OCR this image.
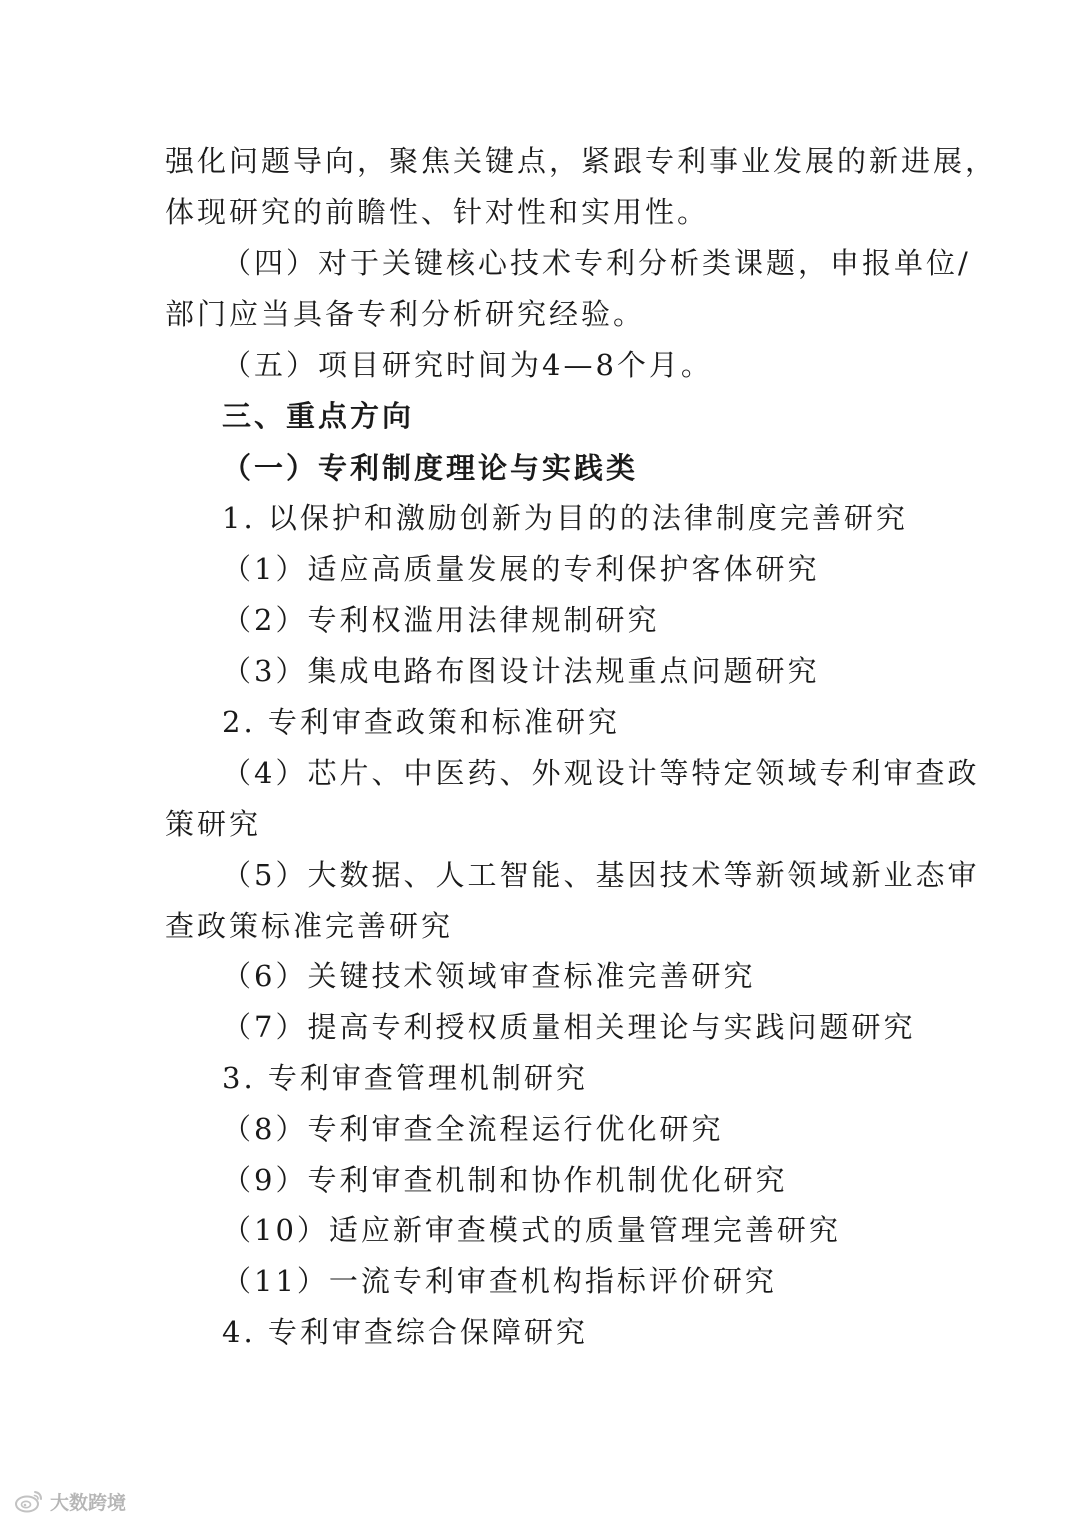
强化问题导向，聚焦关键点，紧跟专利事业发展的新进展，
体现研究的前瞻性、针对性和实用性。
（四）对于关键核心技术专利分析类课题，申报单位/
部门应当具备专利分析研究经验。
（五）项目研究时间为4—8个月。
三、重点方向
（一）专利制度理论与实践类
1. 以保护和激励创新为目的的法律制度完善研究
（1）适应高质量发展的专利保护客体研究
（2）专利权滥用法律规制研究
（3）集成电路布图设计法规重点问题研究
2. 专利审查政策和标准研究
（4）芯片、中医药、外观设计等特定领域专利审查政
策研究
（5）大数据、人工智能、基因技术等新领域新业态审
查政策标准完善研究
（6）关键技术领域审查标准完善研究
（7）提高专利授权质量相关理论与实践问题研究
3. 专利审查管理机制研究
（8）专利审查全流程运行优化研究
（9）专利审查机制和协作机制优化研究
（10）适应新审查模式的质量管理完善研究
（11）一流专利审查机构指标评价研究
4. 专利审查综合保障研究
大数跨境
